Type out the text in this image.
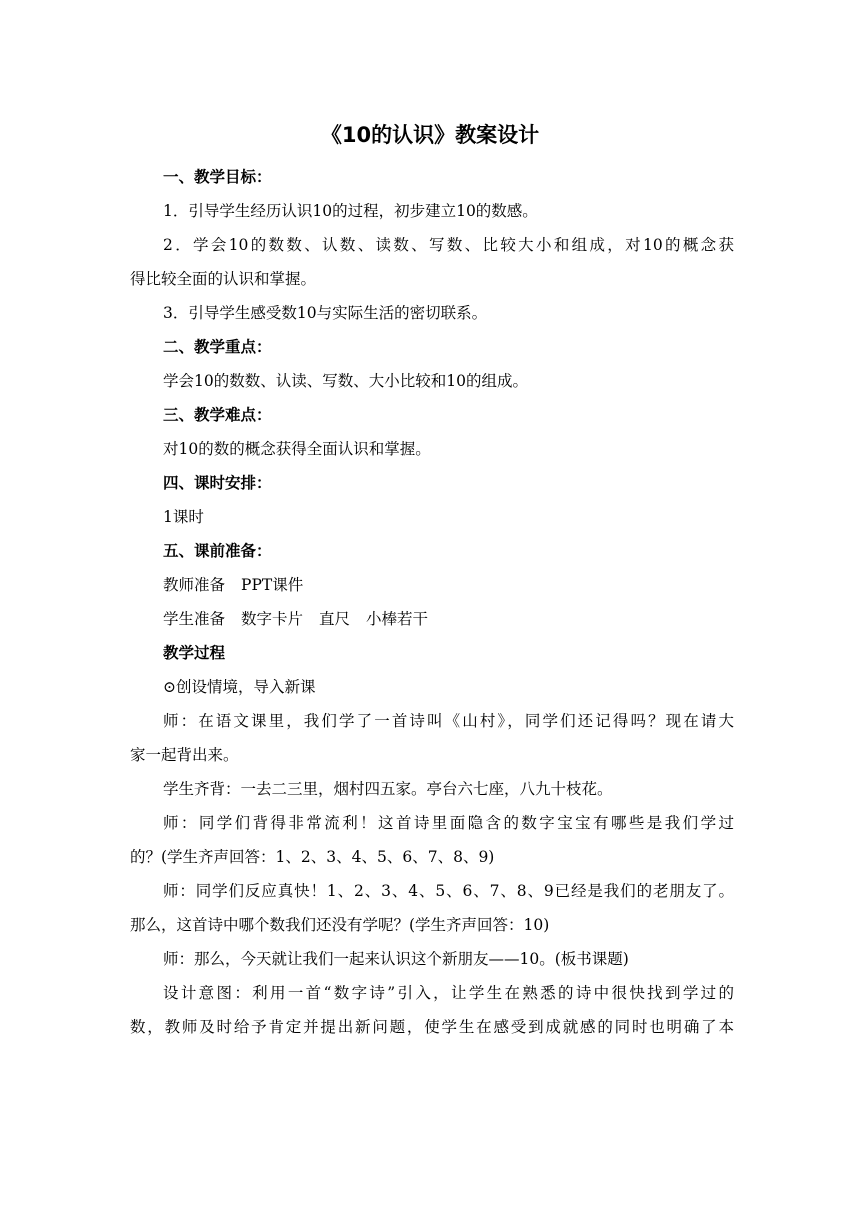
《10的认识》教案设计
一、教学目标：
1．引导学生经历认识10的过程，初步建立10的数感。
2．学会10的数数、认数、读数、写数、比较大小和组成，对10的概念获
得比较全面的认识和掌握。
3．引导学生感受数10与实际生活的密切联系。
二、教学重点：
学会10的数数、认读、写数、大小比较和10的组成。
三、教学难点：
对10的数的概念获得全面认识和掌握。
四、课时安排：
1课时
五、课前准备：
教师准备 PPT课件
学生准备 数字卡片 直尺 小棒若干
教学过程
⊙创设情境，导入新课
师：在语文课里，我们学了一首诗叫《山村》，同学们还记得吗？现在请大
家一起背出来。
学生齐背：一去二三里，烟村四五家。亭台六七座，八九十枝花。
师：同学们背得非常流利！这首诗里面隐含的数字宝宝有哪些是我们学过
的？(学生齐声回答：1、2、3、4、5、6、7、8、9)
师：同学们反应真快！1、2、3、4、5、6、7、8、9已经是我们的老朋友了。
那么，这首诗中哪个数我们还没有学呢？(学生齐声回答：10)
师：那么，今天就让我们一起来认识这个新朋友——10。(板书课题)
设计意图：利用一首“数字诗”引入，让学生在熟悉的诗中很快找到学过的
数，教师及时给予肯定并提出新问题，使学生在感受到成就感的同时也明确了本
